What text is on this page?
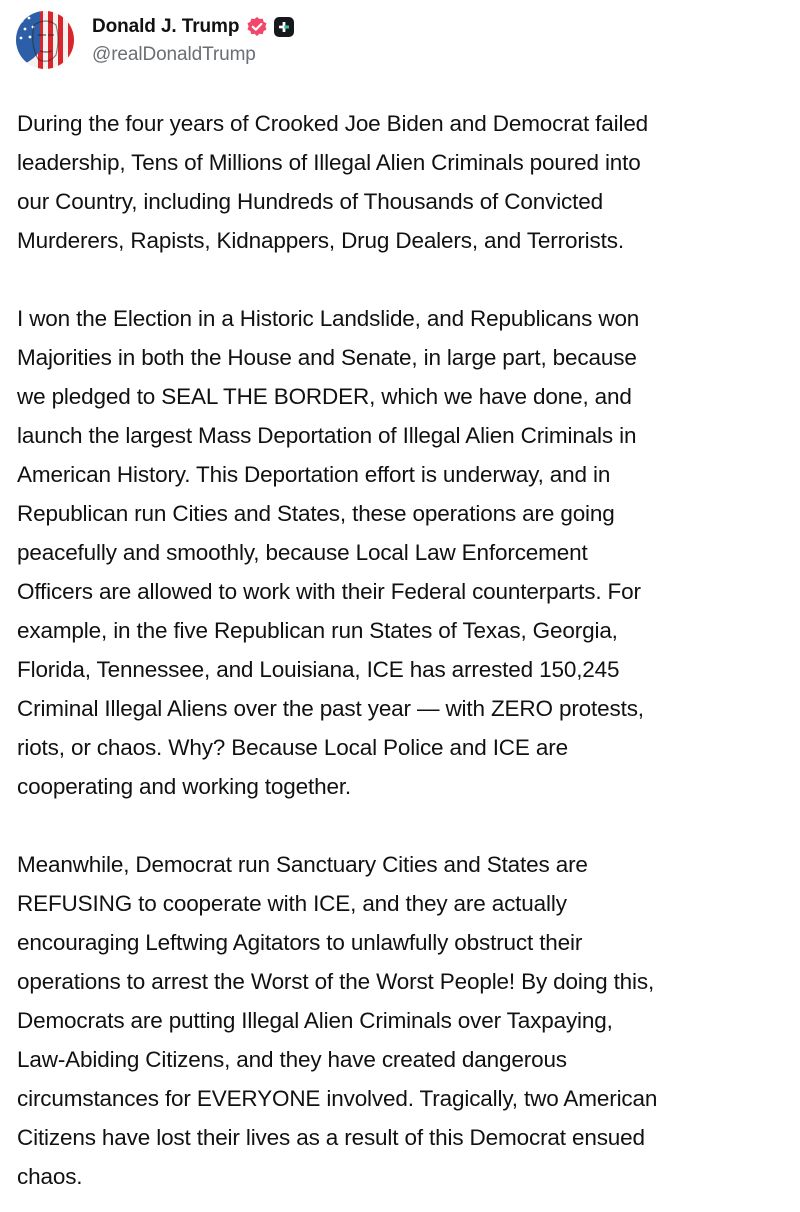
Donald J. Trump
@realDonaldTrump
During the four years of Crooked Joe Biden and Democrat failed
leadership, Tens of Millions of Illegal Alien Criminals poured into
our Country, including Hundreds of Thousands of Convicted
Murderers, Rapists, Kidnappers, Drug Dealers, and Terrorists.
I won the Election in a Historic Landslide, and Republicans won
Majorities in both the House and Senate, in large part, because
we pledged to SEAL THE BORDER, which we have done, and
launch the largest Mass Deportation of Illegal Alien Criminals in
American History. This Deportation effort is underway, and in
Republican run Cities and States, these operations are going
peacefully and smoothly, because Local Law Enforcement
Officers are allowed to work with their Federal counterparts. For
example, in the five Republican run States of Texas, Georgia,
Florida, Tennessee, and Louisiana, ICE has arrested 150,245
Criminal Illegal Aliens over the past year — with ZERO protests,
riots, or chaos. Why? Because Local Police and ICE are
cooperating and working together.
Meanwhile, Democrat run Sanctuary Cities and States are
REFUSING to cooperate with ICE, and they are actually
encouraging Leftwing Agitators to unlawfully obstruct their
operations to arrest the Worst of the Worst People! By doing this,
Democrats are putting Illegal Alien Criminals over Taxpaying,
Law-Abiding Citizens, and they have created dangerous
circumstances for EVERYONE involved. Tragically, two American
Citizens have lost their lives as a result of this Democrat ensued
chaos.
